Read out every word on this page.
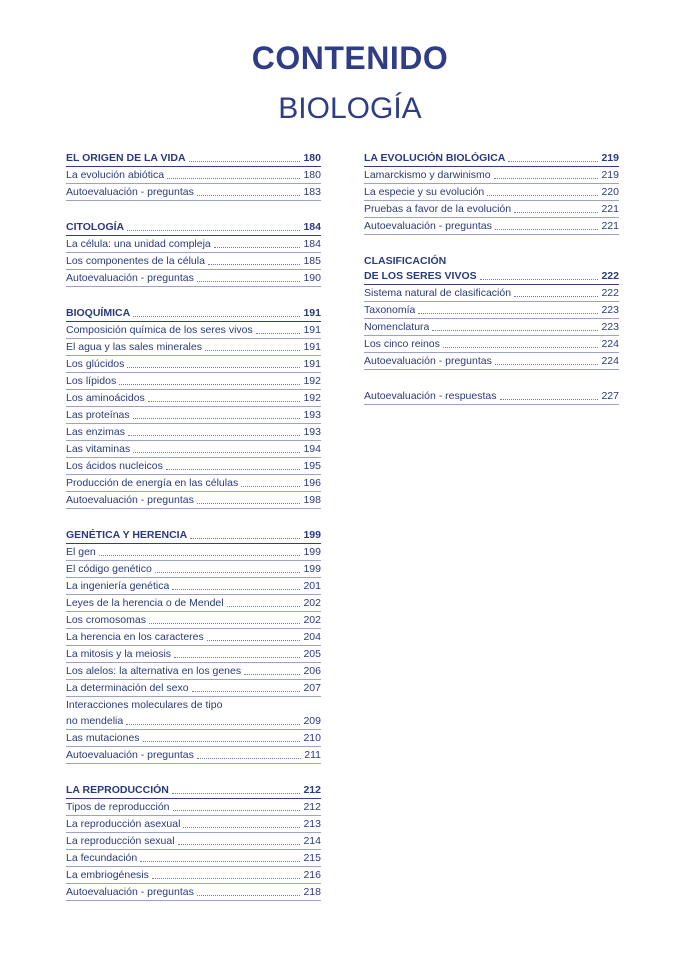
CONTENIDO
BIOLOGÍA
EL ORIGEN DE LA VIDA	180
La evolución abiótica	180
Autoevaluación - preguntas	183
CITOLOGÍA	184
La célula: una unidad compleja	184
Los componentes de la célula	185
Autoevaluación - preguntas	190
BIOQUÍMICA	191
Composición química de los seres vivos	191
El agua y las sales minerales	191
Los glúcidos	191
Los lípidos	192
Los aminoácidos	192
Las proteínas	193
Las enzimas	193
Las vitaminas	194
Los ácidos nucleicos	195
Producción de energía en las células	196
Autoevaluación - preguntas	198
GENÉTICA Y HERENCIA	199
El gen	199
El código genético	199
La ingeniería genética	201
Leyes de la herencia o de Mendel	202
Los cromosomas	202
La herencia en los caracteres	204
La mitosis y la meiosis	205
Los alelos: la alternativa en los genes	206
La determinación del sexo	207
Interacciones moleculares de tipo
no mendelia	209
Las mutaciones	210
Autoevaluación - preguntas	211
LA REPRODUCCIÓN	212
Tipos de reproducción	212
La reproducción asexual	213
La reproducción sexual	214
La fecundación	215
La embriogénesis	216
Autoevaluación - preguntas	218
LA EVOLUCIÓN BIOLÓGICA	219
Lamarckismo y darwinismo	219
La especie y su evolución	220
Pruebas a favor de la evolución	221
Autoevaluación - preguntas	221
CLASIFICACIÓN
DE LOS SERES VIVOS	222
Sistema natural de clasificación	222
Taxonomía	223
Nomenclatura	223
Los cinco reinos	224
Autoevaluación - preguntas	224
Autoevaluación - respuestas	227
